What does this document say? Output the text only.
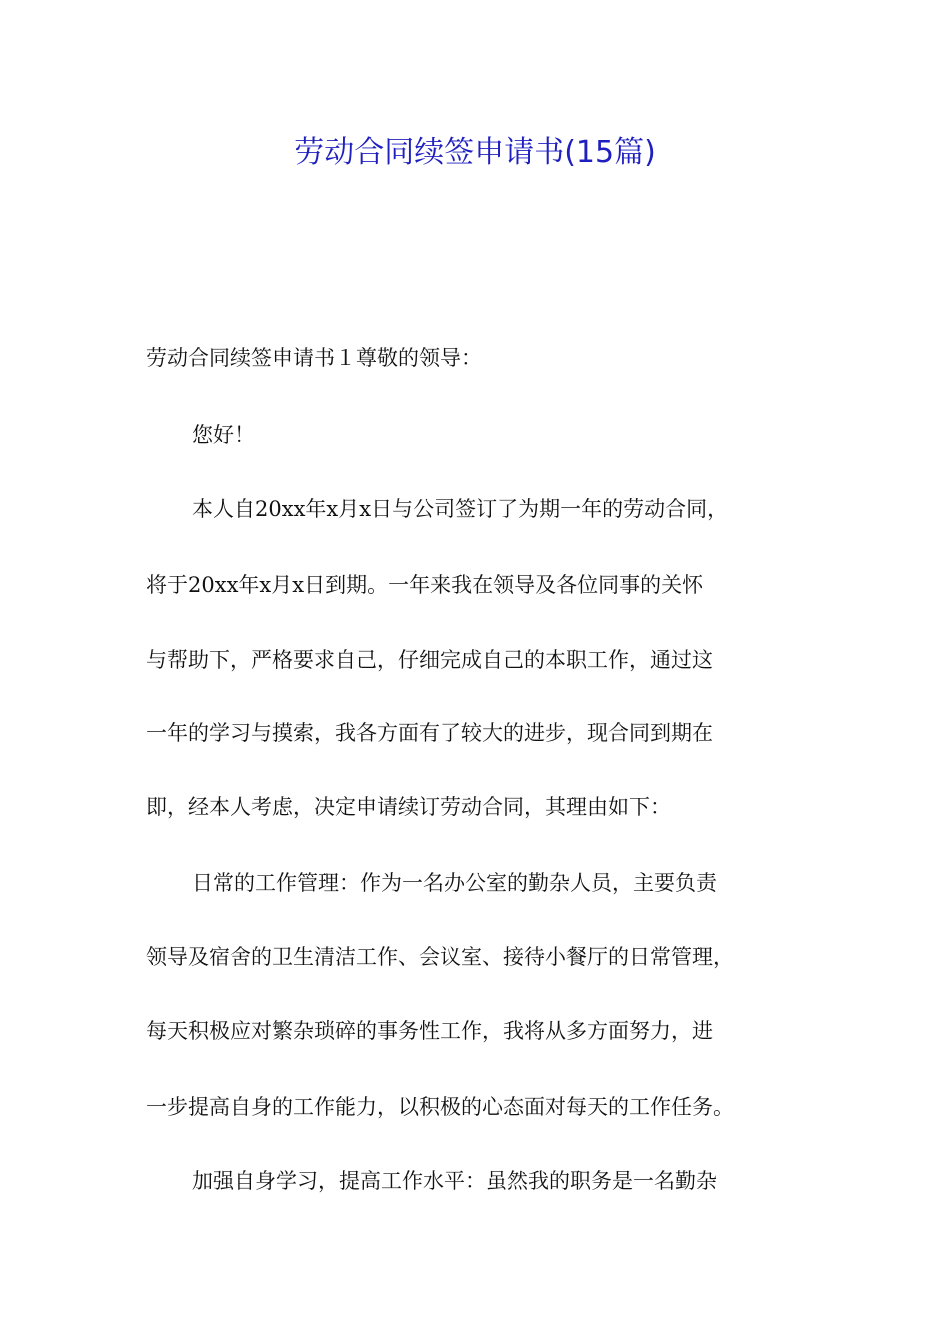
劳动合同续签申请书(15篇)
劳动合同续签申请书１尊敬的领导：
您好！
本人自20xx年x月x日与公司签订了为期一年的劳动合同，
将于20xx年x月x日到期。一年来我在领导及各位同事的关怀
与帮助下，严格要求自己，仔细完成自己的本职工作，通过这
一年的学习与摸索，我各方面有了较大的进步，现合同到期在
即，经本人考虑，决定申请续订劳动合同，其理由如下：
日常的工作管理：作为一名办公室的勤杂人员，主要负责
领导及宿舍的卫生清洁工作、会议室、接待小餐厅的日常管理，
每天积极应对繁杂琐碎的事务性工作，我将从多方面努力，进
一步提高自身的工作能力，以积极的心态面对每天的工作任务。
加强自身学习，提高工作水平：虽然我的职务是一名勤杂
